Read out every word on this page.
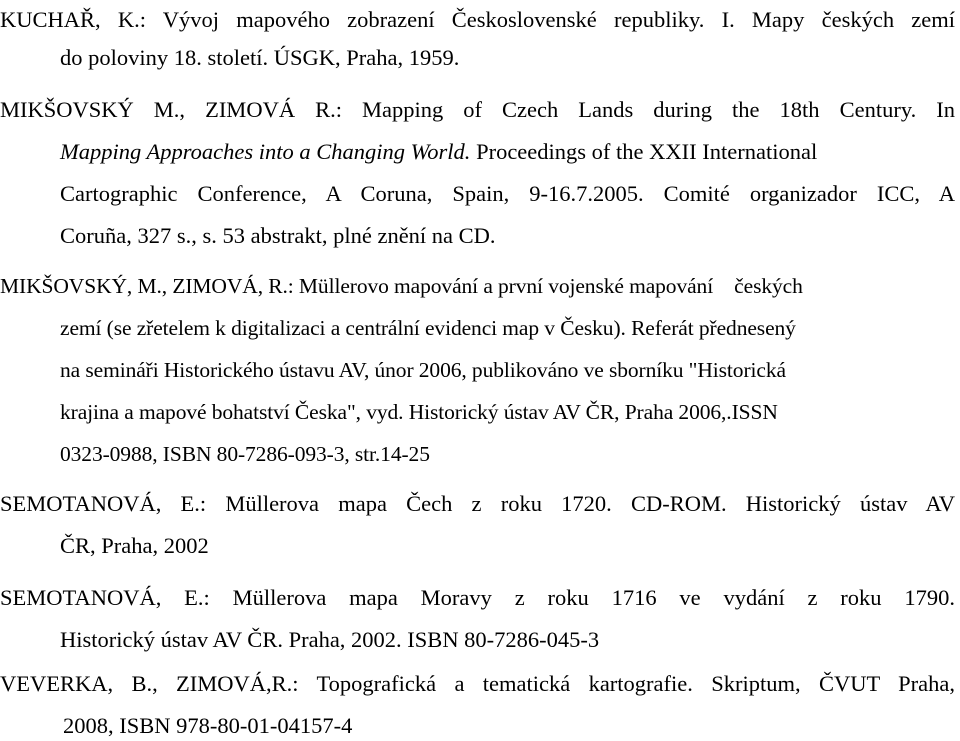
KUCHAŘ, K.: Vývoj mapového zobrazení Československé republiky. I. Mapy českých zemí
do poloviny 18. století. ÚSGK, Praha, 1959.
MIKŠOVSKÝ M., ZIMOVÁ R.: Mapping of Czech Lands during the 18th Century. In
Mapping Approaches into a Changing World. Proceedings of the XXII International
Cartographic Conference, A Coruna, Spain, 9-16.7.2005. Comité organizador ICC, A
Coruña, 327 s., s. 53 abstrakt, plné znění na CD.
MIKŠOVSKÝ, M., ZIMOVÁ, R.: Müllerovo mapování a první vojenské mapování    českých
zemí (se zřetelem k digitalizaci a centrální evidenci map v Česku). Referát přednesený
na semináři Historického ústavu AV, únor 2006, publikováno ve sborníku "Historická
krajina a mapové bohatství Česka", vyd. Historický ústav AV ČR, Praha 2006,.ISSN
0323-0988, ISBN 80-7286-093-3, str.14-25
SEMOTANOVÁ, E.: Müllerova mapa Čech z roku 1720. CD-ROM. Historický ústav AV
ČR, Praha, 2002
SEMOTANOVÁ, E.: Müllerova mapa Moravy z roku 1716 ve vydání z roku 1790.
Historický ústav AV ČR. Praha, 2002. ISBN 80-7286-045-3
VEVERKA, B., ZIMOVÁ,R.: Topografická a tematická kartografie. Skriptum, ČVUT Praha,
2008, ISBN 978-80-01-04157-4
